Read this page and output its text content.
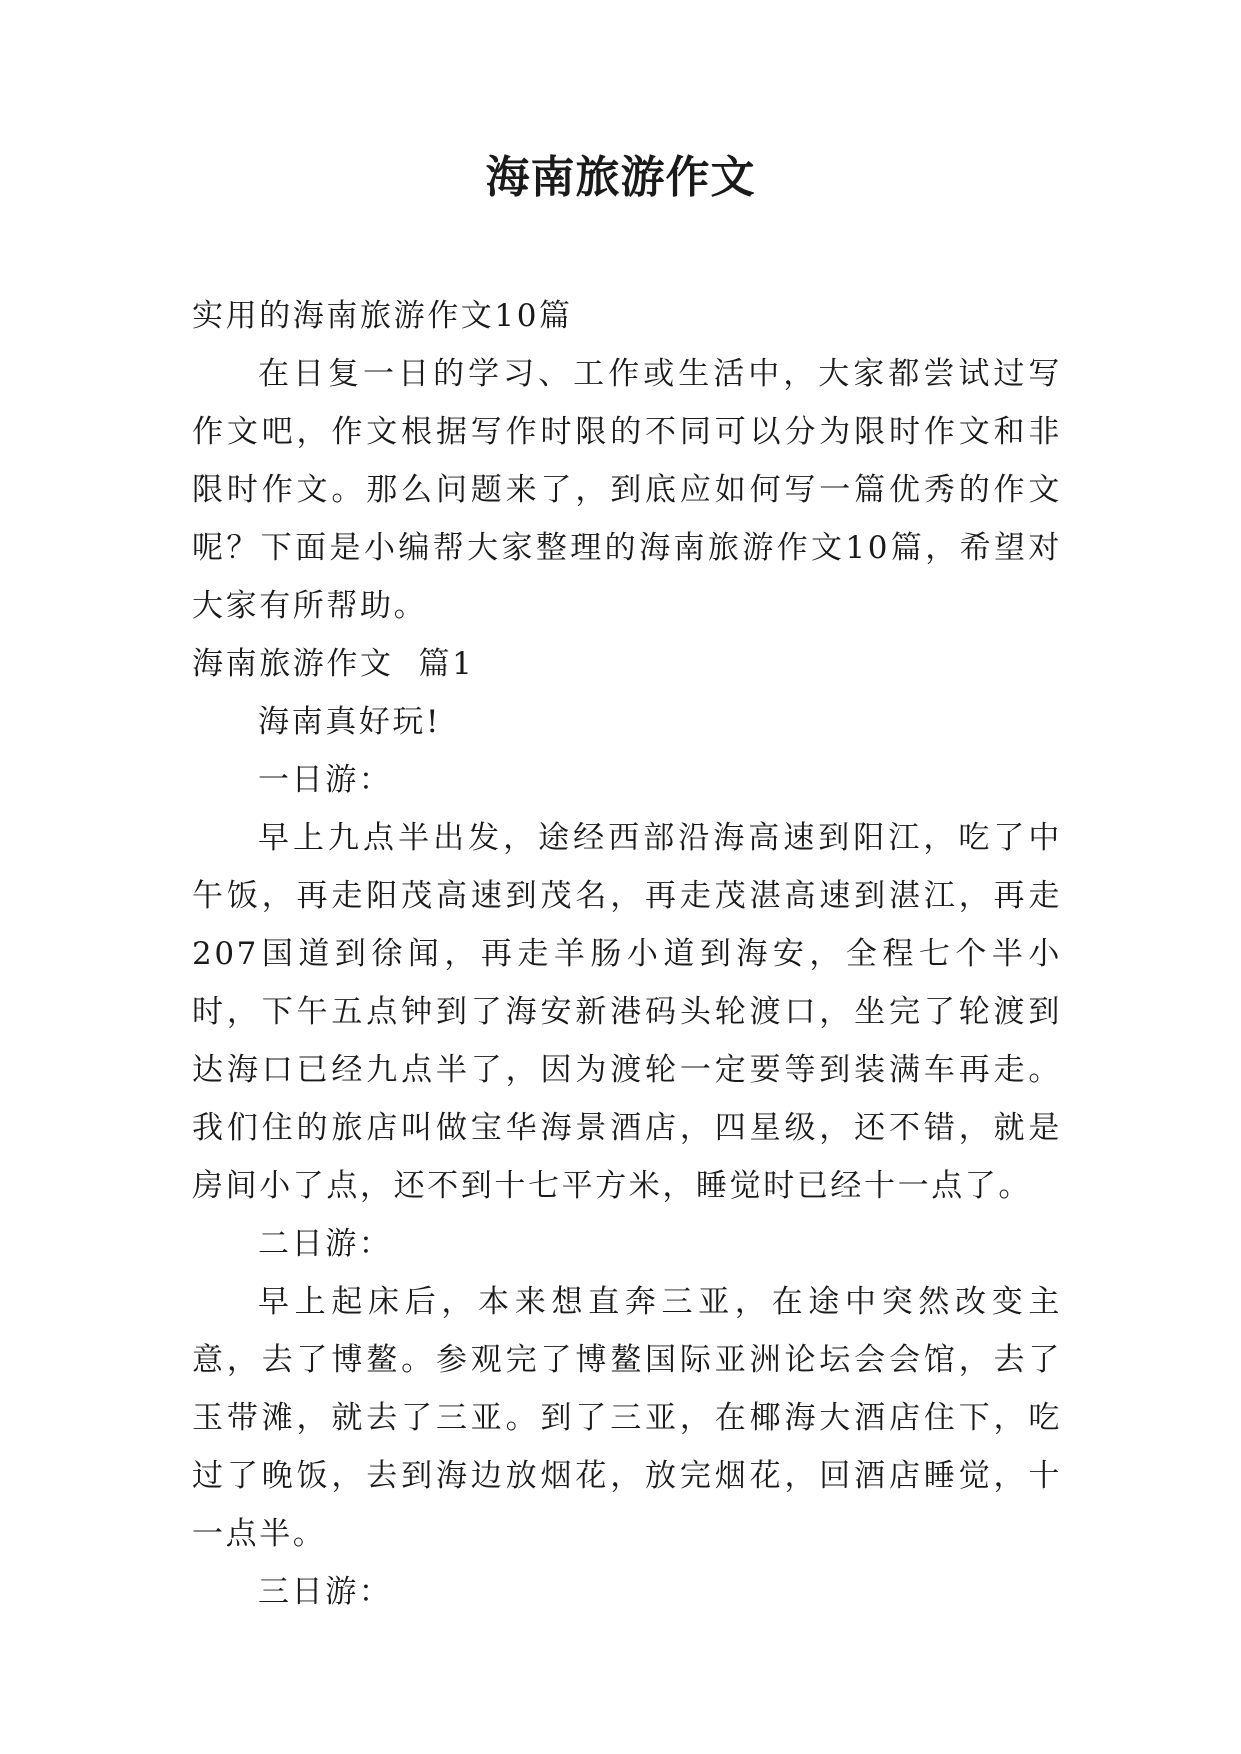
海南旅游作文

实用的海南旅游作文10篇

在日复一日的学习、工作或生活中，大家都尝试过写作文吧，作文根据写作时限的不同可以分为限时作文和非限时作文。那么问题来了，到底应如何写一篇优秀的作文呢？下面是小编帮大家整理的海南旅游作文10篇，希望对大家有所帮助。

海南旅游作文  篇1

海南真好玩!

一日游：

早上九点半出发，途经西部沿海高速到阳江，吃了中午饭，再走阳茂高速到茂名，再走茂湛高速到湛江，再走207国道到徐闻，再走羊肠小道到海安，全程七个半小时，下午五点钟到了海安新港码头轮渡口，坐完了轮渡到达海口已经九点半了，因为渡轮一定要等到装满车再走。我们住的旅店叫做宝华海景酒店，四星级，还不错，就是房间小了点，还不到十七平方米，睡觉时已经十一点了。

二日游：

早上起床后，本来想直奔三亚，在途中突然改变主意，去了博鳌。参观完了博鳌国际亚洲论坛会会馆，去了玉带滩，就去了三亚。到了三亚，在椰海大酒店住下，吃过了晚饭，去到海边放烟花，放完烟花，回酒店睡觉，十一点半。

三日游：
